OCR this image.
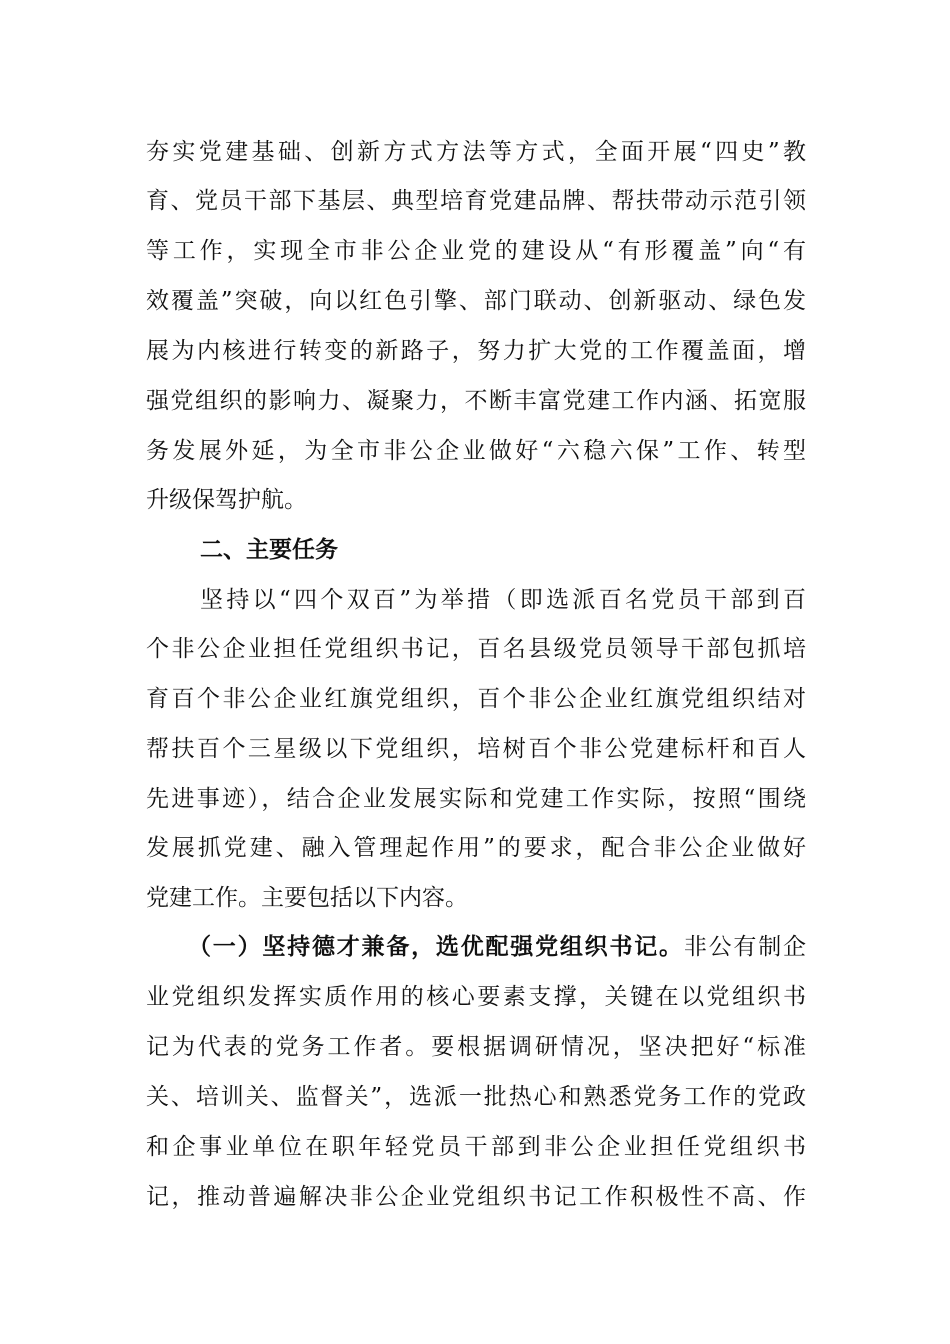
夯实党建基础、创新方式方法等方式，全面开展“四史”教
育、党员干部下基层、典型培育党建品牌、帮扶带动示范引领
等工作，实现全市非公企业党的建设从“有形覆盖”向“有
效覆盖”突破，向以红色引擎、部门联动、创新驱动、绿色发
展为内核进行转变的新路子，努力扩大党的工作覆盖面，增
强党组织的影响力、凝聚力，不断丰富党建工作内涵、拓宽服
务发展外延，为全市非公企业做好“六稳六保”工作、转型
升级保驾护航。
二、主要任务
坚持以“四个双百”为举措（即选派百名党员干部到百
个非公企业担任党组织书记，百名县级党员领导干部包抓培
育百个非公企业红旗党组织，百个非公企业红旗党组织结对
帮扶百个三星级以下党组织，培树百个非公党建标杆和百人
先进事迹），结合企业发展实际和党建工作实际，按照“围绕
发展抓党建、融入管理起作用”的要求，配合非公企业做好
党建工作。主要包括以下内容。
（一）坚持德才兼备，选优配强党组织书记。非公有制企
业党组织发挥实质作用的核心要素支撑，关键在以党组织书
记为代表的党务工作者。要根据调研情况，坚决把好“标准
关、培训关、监督关”，选派一批热心和熟悉党务工作的党政
和企事业单位在职年轻党员干部到非公企业担任党组织书
记，推动普遍解决非公企业党组织书记工作积极性不高、作
